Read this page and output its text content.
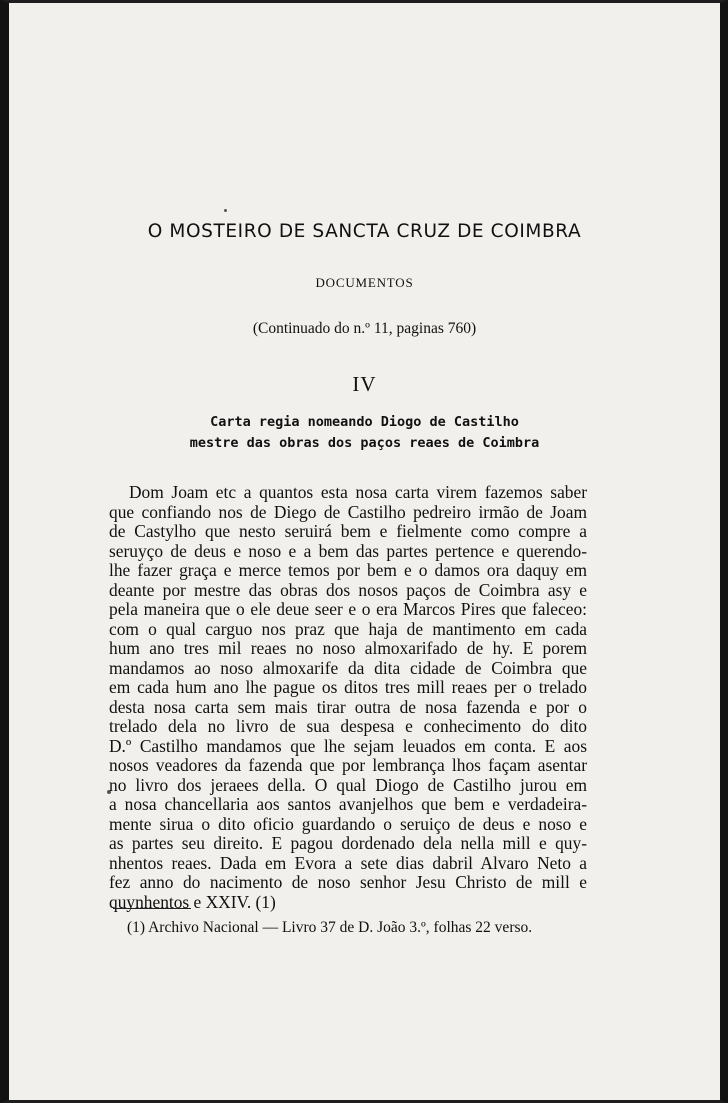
O MOSTEIRO DE SANCTA CRUZ DE COIMBRA
DOCUMENTOS
(Continuado do n.º 11, paginas 760)
IV
Carta regia nomeando Diogo de Castilho
mestre das obras dos paços reaes de Coimbra
Dom Joam etc a quantos esta nosa carta virem fazemos saber
que confiando nos de Diego de Castilho pedreiro irmão de Joam
de Castylho que nesto seruirá bem e fielmente como compre a
seruyço de deus e noso e a bem das partes pertence e querendo-
lhe fazer graça e merce temos por bem e o damos ora daquy em
deante por mestre das obras dos nosos paços de Coimbra asy e
pela maneira que o ele deue seer e o era Marcos Pires que faleceo:
com o qual carguo nos praz que haja de mantimento em cada
hum ano tres mil reaes no noso almoxarifado de hy. E porem
mandamos ao noso almoxarife da dita cidade de Coimbra que
em cada hum ano lhe pague os ditos tres mill reaes per o trelado
desta nosa carta sem mais tirar outra de nosa fazenda e por o
trelado dela no livro de sua despesa e conhecimento do dito
D.º Castilho mandamos que lhe sejam leuados em conta. E aos
nosos veadores da fazenda que por lembrança lhos façam asentar
no livro dos jeraees della. O qual Diogo de Castilho jurou em
a nosa chancellaria aos santos avanjelhos que bem e verdadeira-
mente sirua o dito oficio guardando o seruiço de deus e noso e
as partes seu direito. E pagou dordenado dela nella mill e quy-
nhentos reaes. Dada em Evora a sete dias dabril Alvaro Neto a
fez anno do nacimento de noso senhor Jesu Christo de mill e
quynhentos e XXIV. (1)
(1) Archivo Nacional — Livro 37 de D. João 3.º, folhas 22 verso.
